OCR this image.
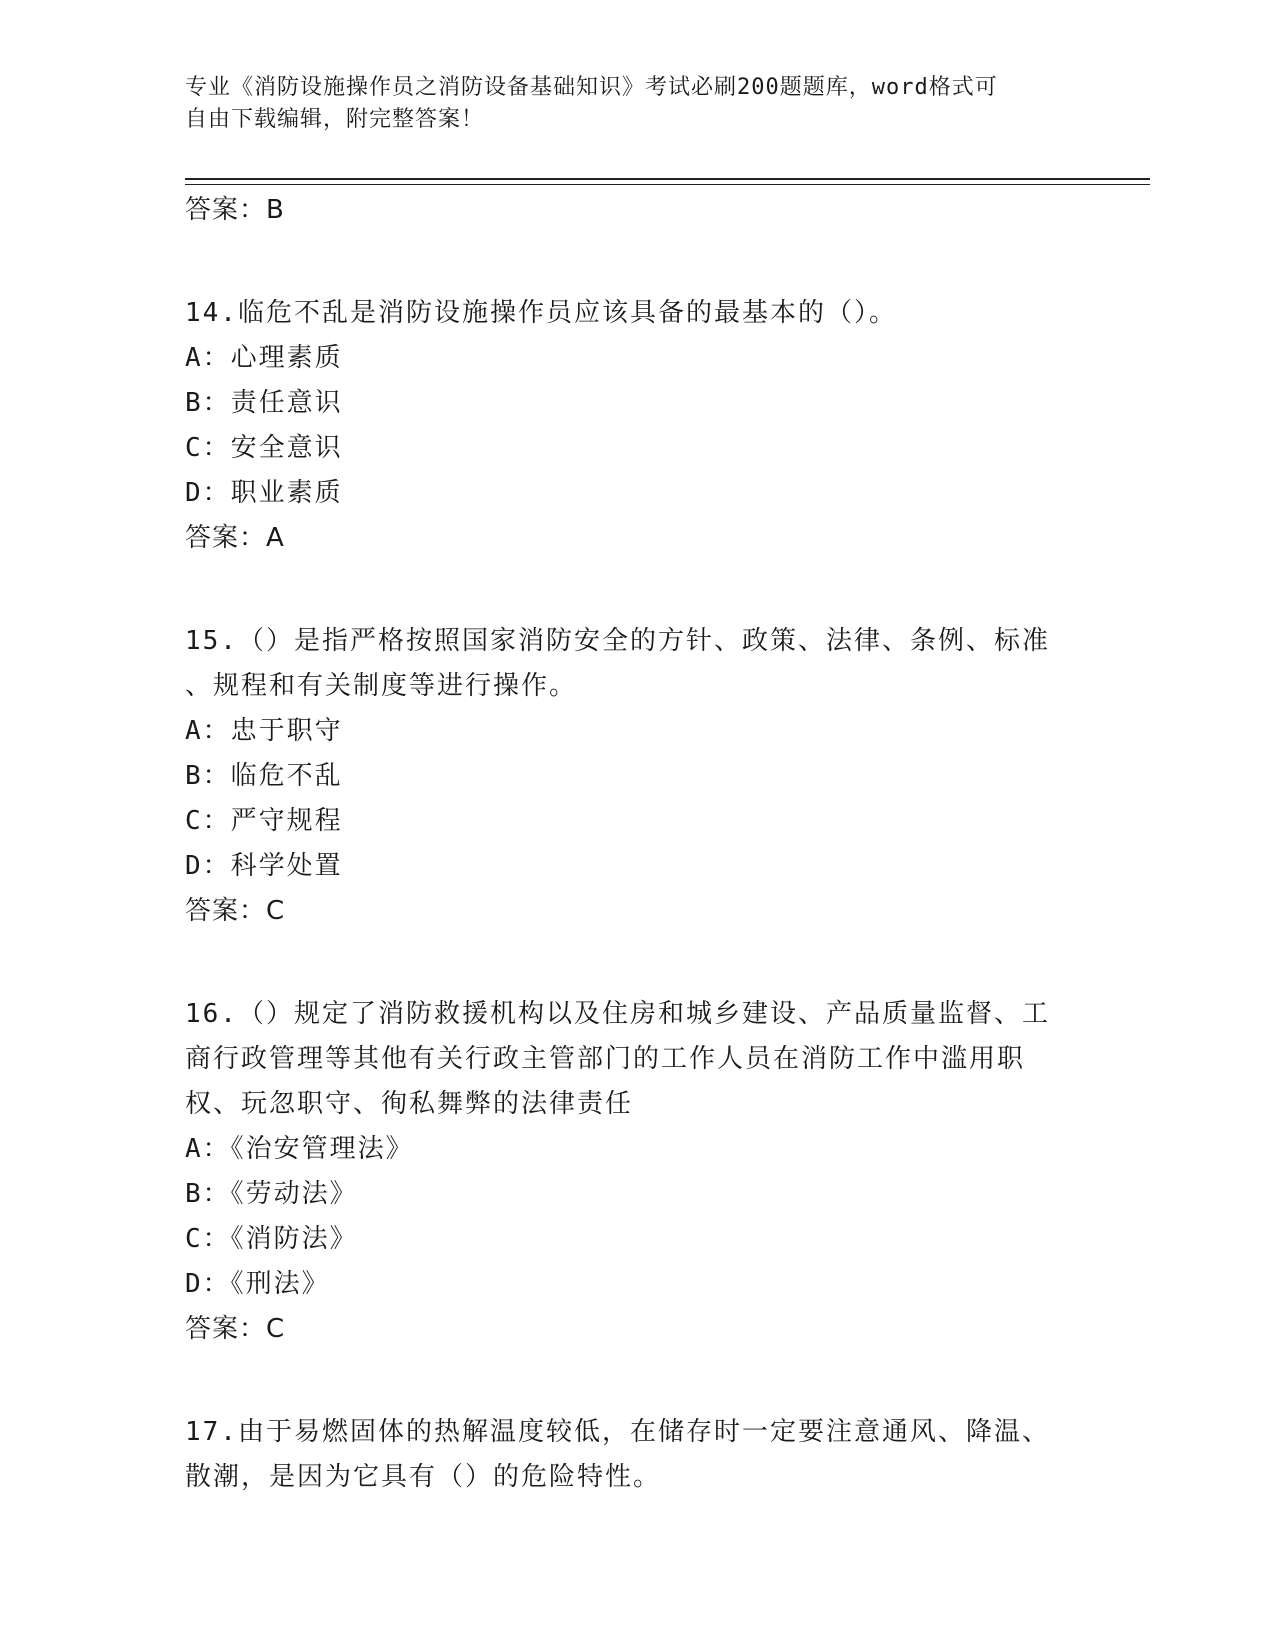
专业《消防设施操作员之消防设备基础知识》考试必刷200题题库，word格式可
自由下载编辑，附完整答案！
答案：B
14.临危不乱是消防设施操作员应该具备的最基本的（）。
A：心理素质
B：责任意识
C：安全意识
D：职业素质
答案：A
15.（）是指严格按照国家消防安全的方针、政策、法律、条例、标准
、规程和有关制度等进行操作。
A：忠于职守
B：临危不乱
C：严守规程
D：科学处置
答案：C
16.（）规定了消防救援机构以及住房和城乡建设、产品质量监督、工
商行政管理等其他有关行政主管部门的工作人员在消防工作中滥用职
权、玩忽职守、徇私舞弊的法律责任
A：《治安管理法》
B：《劳动法》
C：《消防法》
D：《刑法》
答案：C
17.由于易燃固体的热解温度较低，在储存时一定要注意通风、降温、
散潮，是因为它具有（）的危险特性。
